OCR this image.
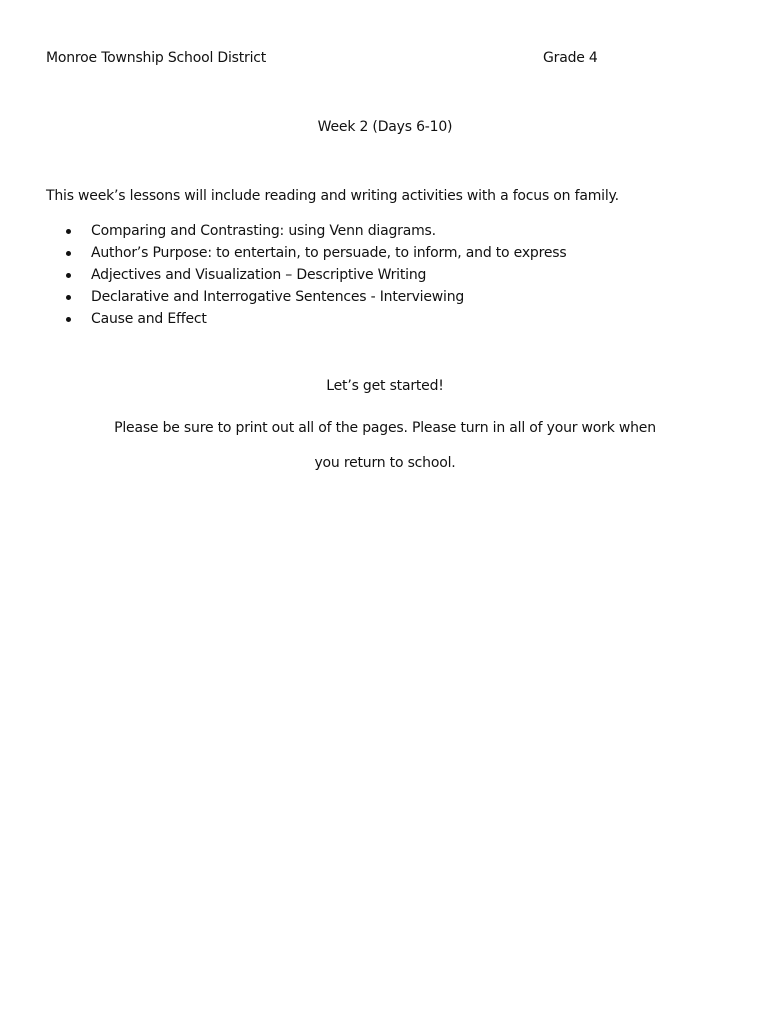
Monroe Township School District	Grade 4
Week 2 (Days 6-10)
This week’s lessons will include reading and writing activities with a focus on family.
Comparing and Contrasting: using Venn diagrams.
Author’s Purpose: to entertain, to persuade, to inform, and to express
Adjectives and Visualization – Descriptive Writing
Declarative and Interrogative Sentences - Interviewing
Cause and Effect
Let’s get started!
Please be sure to print out all of the pages. Please turn in all of your work when
you return to school.
